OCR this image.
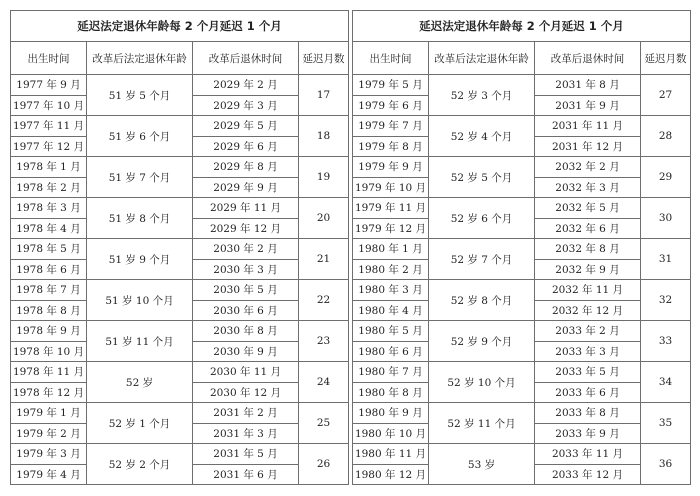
延迟法定退休年龄每 2 个月延迟 1 个月			
出生时间	改革后法定退休年龄	改革后退休时间	延迟月数
1977 年 9 月	51 岁 5 个月	2029 年 2 月	17
1977 年 10 月		2029 年 3 月	
1977 年 11 月	51 岁 6 个月	2029 年 5 月	18
1977 年 12 月		2029 年 6 月	
1978 年 1 月	51 岁 7 个月	2029 年 8 月	19
1978 年 2 月		2029 年 9 月	
1978 年 3 月	51 岁 8 个月	2029 年 11 月	20
1978 年 4 月		2029 年 12 月	
1978 年 5 月	51 岁 9 个月	2030 年 2 月	21
1978 年 6 月		2030 年 3 月	
1978 年 7 月	51 岁 10 个月	2030 年 5 月	22
1978 年 8 月		2030 年 6 月	
1978 年 9 月	51 岁 11 个月	2030 年 8 月	23
1978 年 10 月		2030 年 9 月	
1978 年 11 月	52 岁	2030 年 11 月	24
1978 年 12 月		2030 年 12 月	
1979 年 1 月	52 岁 1 个月	2031 年 2 月	25
1979 年 2 月		2031 年 3 月	
1979 年 3 月	52 岁 2 个月	2031 年 5 月	26
1979 年 4 月		2031 年 6 月	
延迟法定退休年龄每 2 个月延迟 1 个月			
出生时间	改革后法定退休年龄	改革后退休时间	延迟月数
1979 年 5 月	52 岁 3 个月	2031 年 8 月	27
1979 年 6 月		2031 年 9 月	
1979 年 7 月	52 岁 4 个月	2031 年 11 月	28
1979 年 8 月		2031 年 12 月	
1979 年 9 月	52 岁 5 个月	2032 年 2 月	29
1979 年 10 月		2032 年 3 月	
1979 年 11 月	52 岁 6 个月	2032 年 5 月	30
1979 年 12 月		2032 年 6 月	
1980 年 1 月	52 岁 7 个月	2032 年 8 月	31
1980 年 2 月		2032 年 9 月	
1980 年 3 月	52 岁 8 个月	2032 年 11 月	32
1980 年 4 月		2032 年 12 月	
1980 年 5 月	52 岁 9 个月	2033 年 2 月	33
1980 年 6 月		2033 年 3 月	
1980 年 7 月	52 岁 10 个月	2033 年 5 月	34
1980 年 8 月		2033 年 6 月	
1980 年 9 月	52 岁 11 个月	2033 年 8 月	35
1980 年 10 月		2033 年 9 月	
1980 年 11 月	53 岁	2033 年 11 月	36
1980 年 12 月		2033 年 12 月	
